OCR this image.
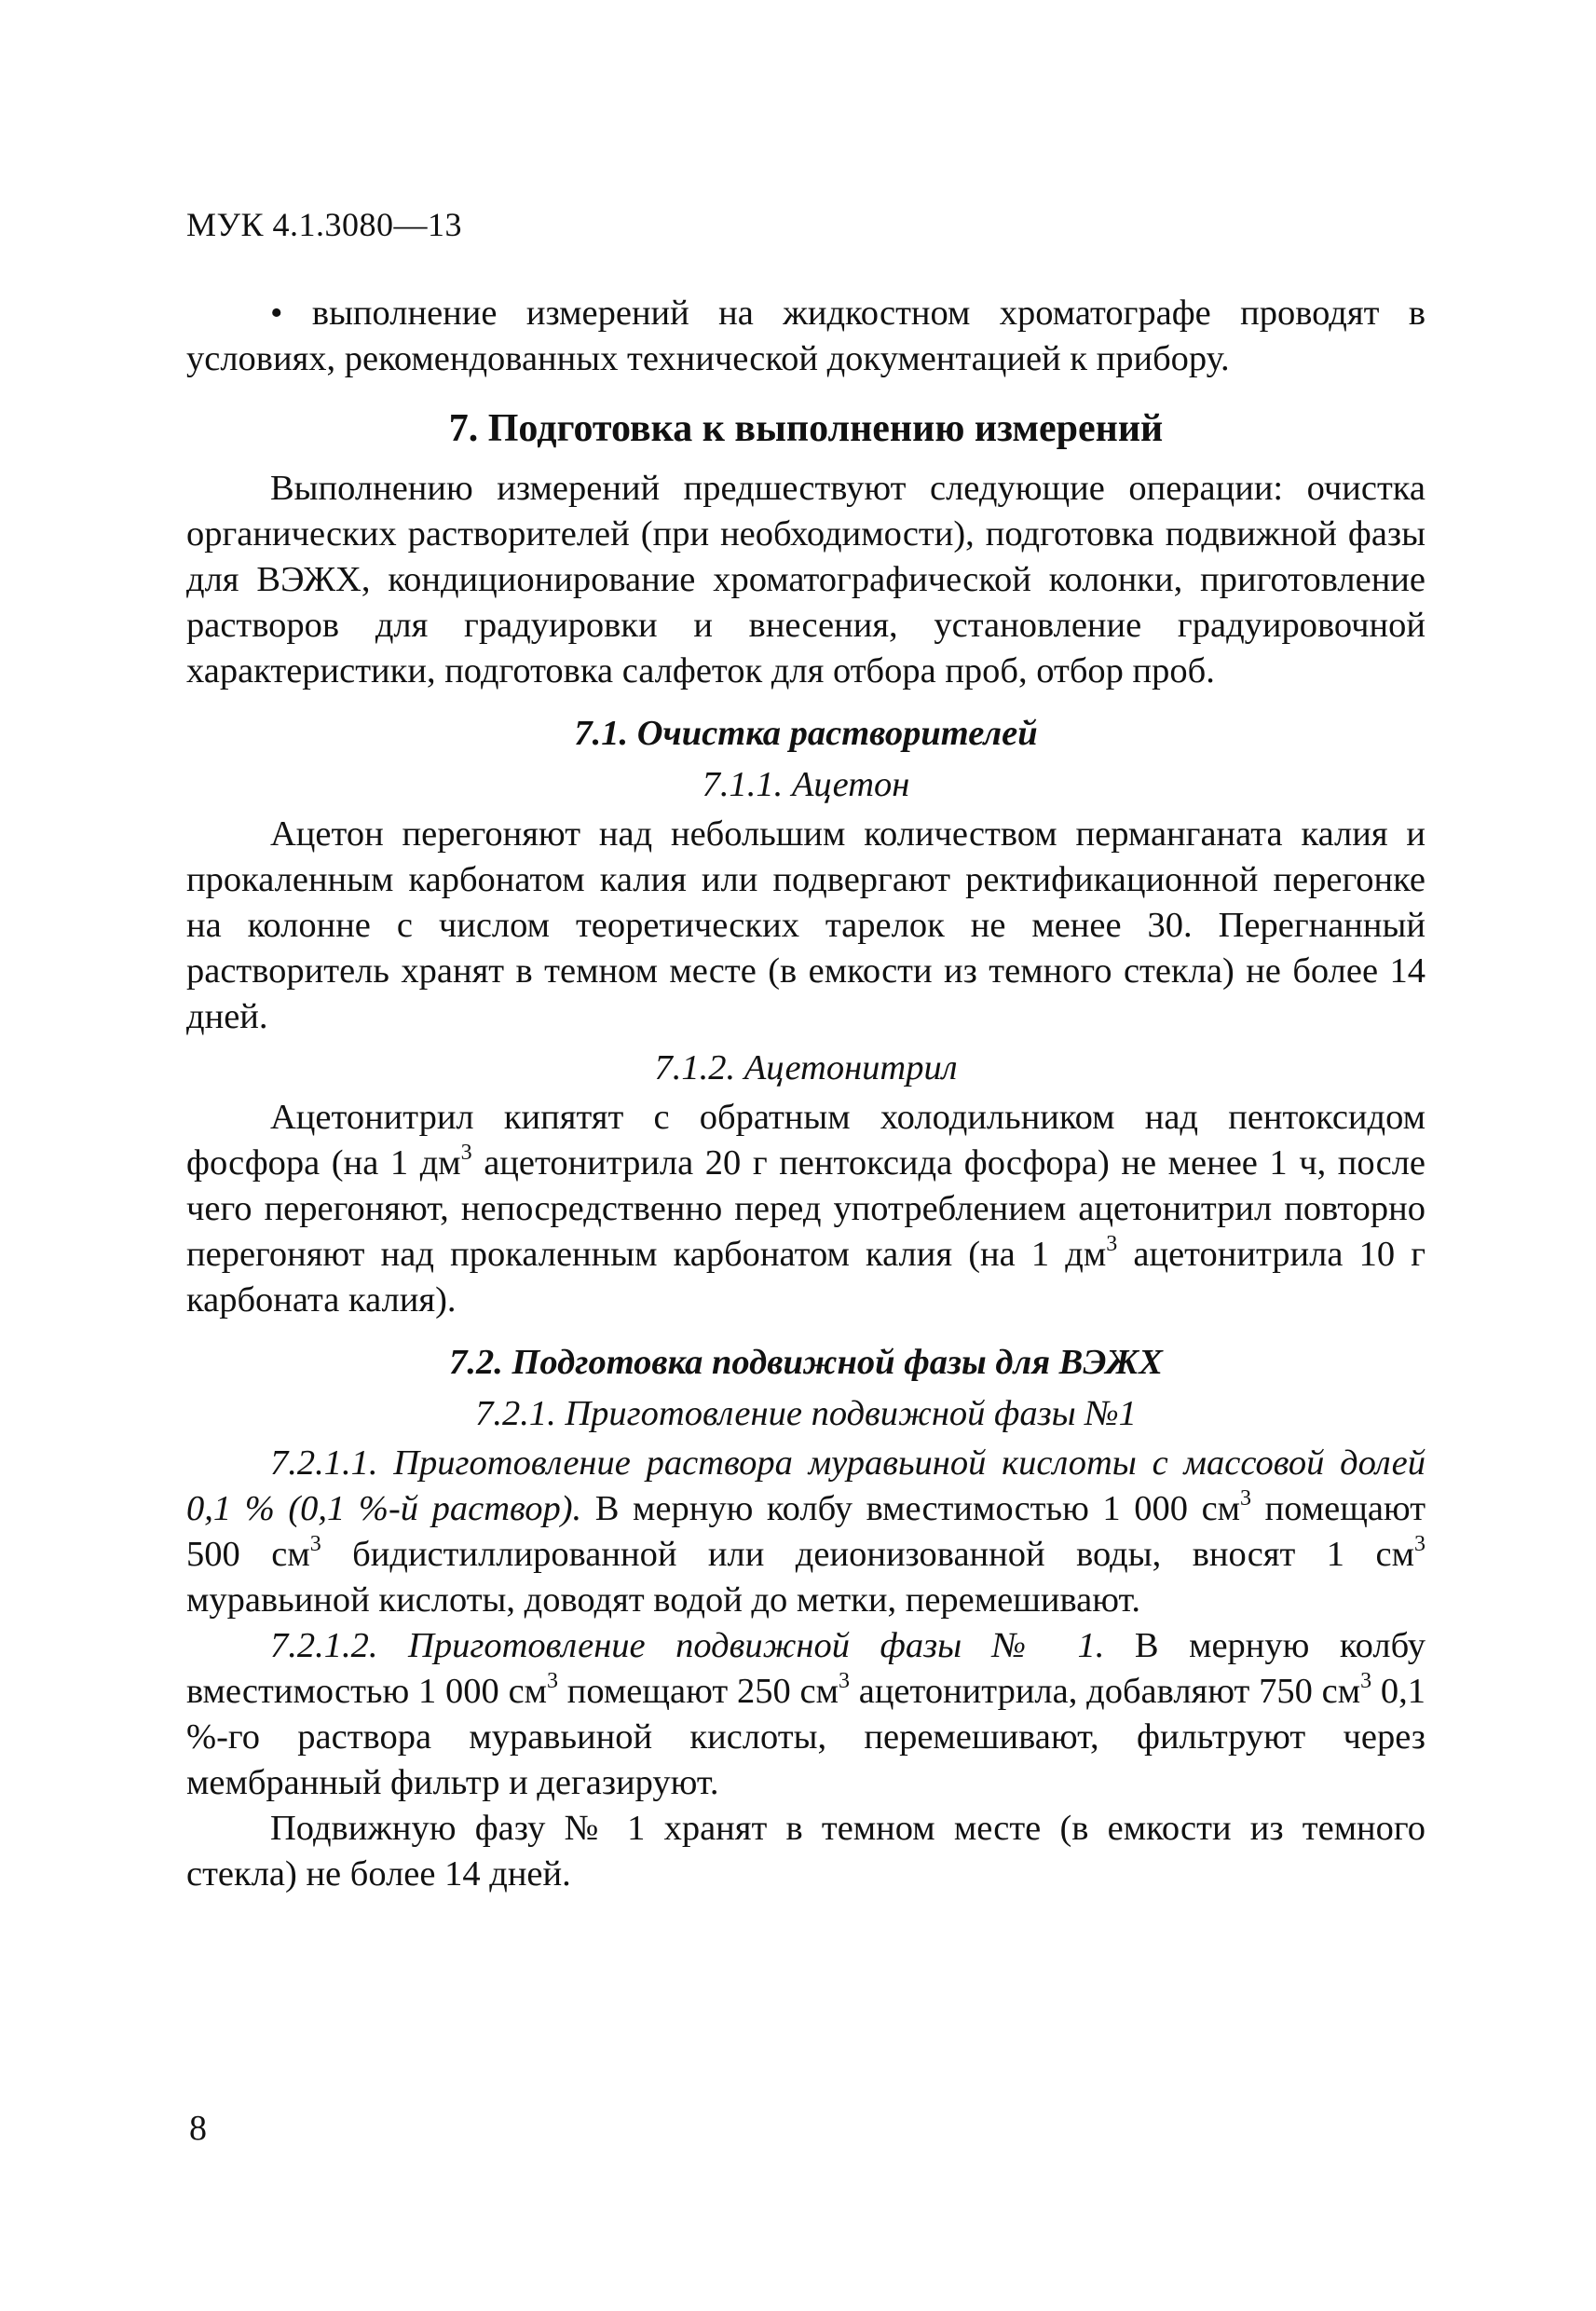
МУК 4.1.3080—13

• выполнение измерений на жидкостном хроматографе проводят в условиях, рекомендованных технической документацией к прибору.

7. Подготовка к выполнению измерений

Выполнению измерений предшествуют следующие операции: очистка органических растворителей (при необходимости), подготовка подвижной фазы для ВЭЖХ, кондиционирование хроматографической колонки, приготовление растворов для градуировки и внесения, установление градуировочной характеристики, подготовка салфеток для отбора проб, отбор проб.

7.1. Очистка растворителей
7.1.1. Ацетон

Ацетон перегоняют над небольшим количеством перманганата калия и прокаленным карбонатом калия или подвергают ректификационной перегонке на колонне с числом теоретических тарелок не менее 30. Перегнанный растворитель хранят в темном месте (в емкости из темного стекла) не более 14 дней.

7.1.2. Ацетонитрил

Ацетонитрил кипятят с обратным холодильником над пентоксидом фосфора (на 1 $дм^3$ ацетонитрила 20 г пентоксида фосфора) не менее 1 ч, после чего перегоняют, непосредственно перед употреблением ацетонитрил повторно перегоняют над прокаленным карбонатом калия (на 1 $дм^3$ ацетонитрила 10 г карбоната калия).

7.2. Подготовка подвижной фазы для ВЭЖХ
7.2.1. Приготовление подвижной фазы №1

7.2.1.1. Приготовление раствора муравьиной кислоты с массовой долей 0,1 % (0,1 %-й раствор). В мерную колбу вместимостью 1 000 $см^3$ помещают 500 $см^3$ бидистиллированной или деионизованной воды, вносят 1 $см^3$ муравьиной кислоты, доводят водой до метки, перемешивают.

7.2.1.2. Приготовление подвижной фазы № 1. В мерную колбу вместимостью 1 000 $см^3$ помещают 250 $см^3$ ацетонитрила, добавляют 750 $см^3$ 0,1 %-го раствора муравьиной кислоты, перемешивают, фильтруют через мембранный фильтр и дегазируют.

Подвижную фазу № 1 хранят в темном месте (в емкости из темного стекла) не более 14 дней.

8
